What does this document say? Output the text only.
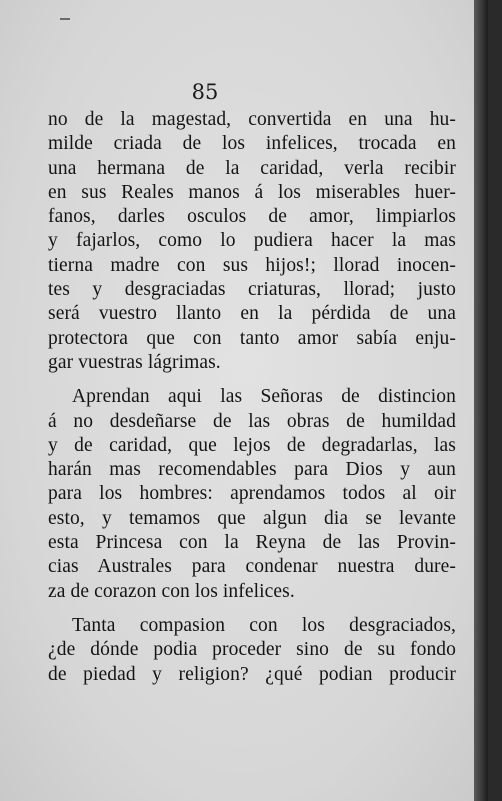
85
no de la magestad, convertida en una hu-
milde criada de los infelices, trocada en
una hermana de la caridad, verla recibir
en sus Reales manos á los miserables huer-
fanos, darles osculos de amor, limpiarlos
y fajarlos, como lo pudiera hacer la mas
tierna madre con sus hijos!; llorad inocen-
tes y desgraciadas criaturas, llorad; justo
será vuestro llanto en la pérdida de una
protectora que con tanto amor sabía enju-
gar vuestras lágrimas.
Aprendan aqui las Señoras de distincion
á no desdeñarse de las obras de humildad
y de caridad, que lejos de degradarlas, las
harán mas recomendables para Dios y aun
para los hombres: aprendamos todos al oir
esto, y temamos que algun dia se levante
esta Princesa con la Reyna de las Provin-
cias Australes para condenar nuestra dure-
za de corazon con los infelices.
Tanta compasion con los desgraciados,
¿de dónde podia proceder sino de su fondo
de piedad y religion? ¿qué podian producir
